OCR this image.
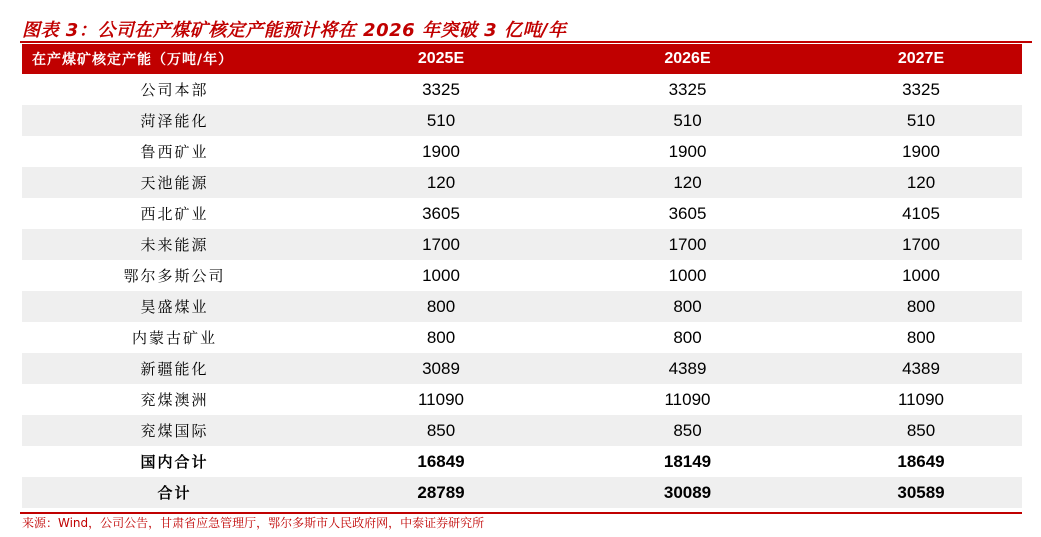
图表 3：公司在产煤矿核定产能预计将在 2026 年突破 3 亿吨/年
在产煤矿核定产能（万吨/年）	2025E	2026E	2027E
公司本部	3325	3325	3325
菏泽能化	510	510	510
鲁西矿业	1900	1900	1900
天池能源	120	120	120
西北矿业	3605	3605	4105
未来能源	1700	1700	1700
鄂尔多斯公司	1000	1000	1000
昊盛煤业	800	800	800
内蒙古矿业	800	800	800
新疆能化	3089	4389	4389
兖煤澳洲	11090	11090	11090
兖煤国际	850	850	850
国内合计	16849	18149	18649
合计	28789	30089	30589
来源：Wind，公司公告，甘肃省应急管理厅，鄂尔多斯市人民政府网，中泰证券研究所
